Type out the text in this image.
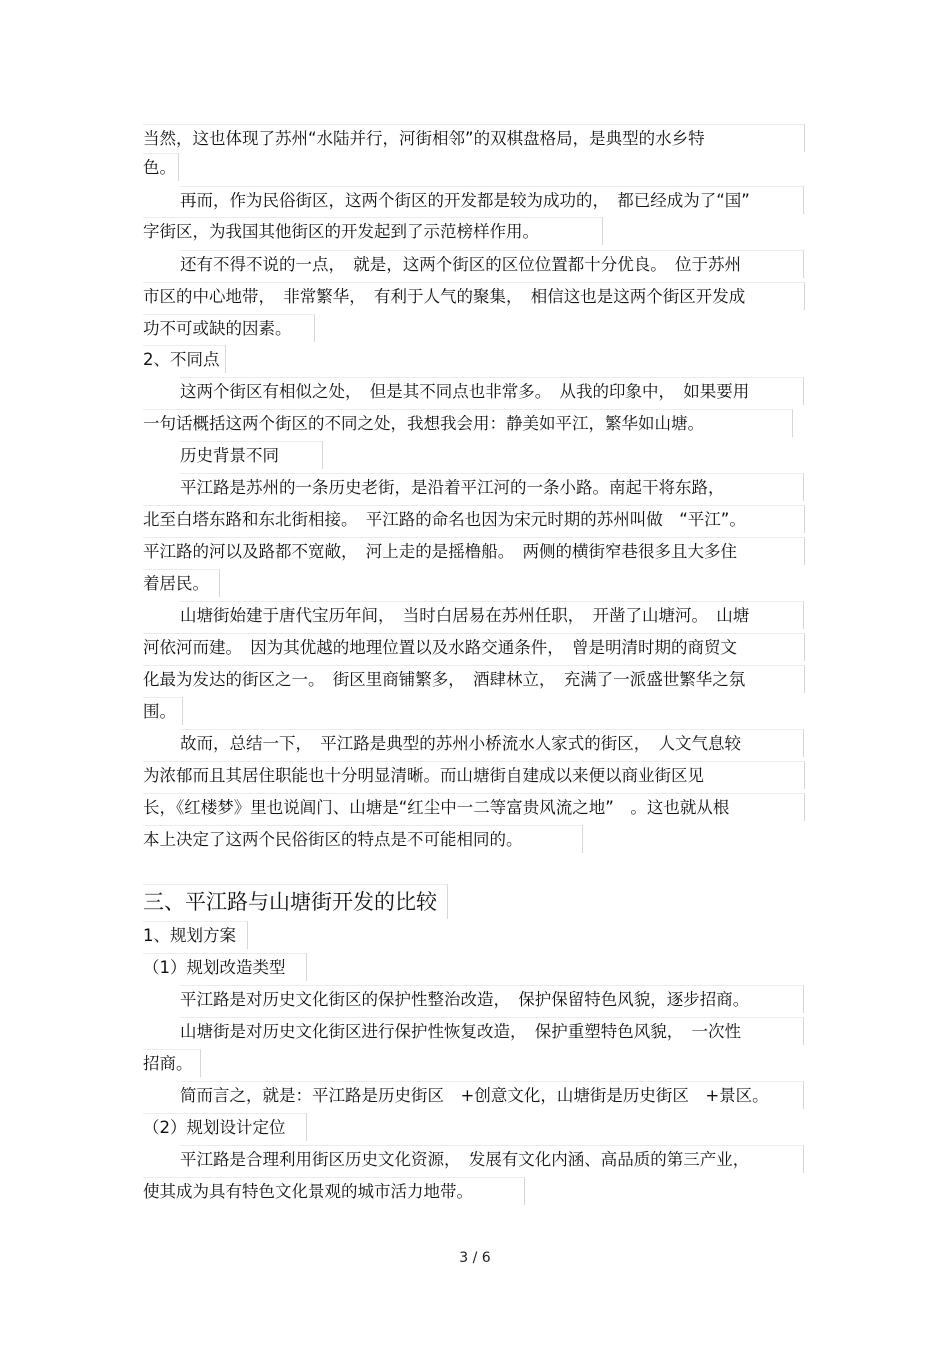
当然，这也体现了苏州“水陆并行，河街相邻”的双棋盘格局，是典型的水乡特
色。
再而，作为民俗街区，这两个街区的开发都是较为成功的，　都已经成为了“国”
字街区，为我国其他街区的开发起到了示范榜样作用。
还有不得不说的一点，　就是，这两个街区的区位位置都十分优良。　位于苏州
市区的中心地带，　非常繁华，　有利于人气的聚集，　相信这也是这两个街区开发成
功不可或缺的因素。
2、不同点
这两个街区有相似之处，　但是其不同点也非常多。　从我的印象中，　如果要用
一句话概括这两个街区的不同之处，我想我会用：静美如平江，繁华如山塘。
历史背景不同
平江路是苏州的一条历史老街，是沿着平江河的一条小路。南起干将东路，
北至白塔东路和东北街相接。　平江路的命名也因为宋元时期的苏州叫做　“平江”。
平江路的河以及路都不宽敞，　河上走的是摇橹船。　两侧的横街窄巷很多且大多住
着居民。
山塘街始建于唐代宝历年间，　当时白居易在苏州任职，　开凿了山塘河。　山塘
河依河而建。　因为其优越的地理位置以及水路交通条件，　曾是明清时期的商贸文
化最为发达的街区之一。　街区里商铺繁多，　酒肆林立，　充满了一派盛世繁华之氛
围。
故而，总结一下，　平江路是典型的苏州小桥流水人家式的街区，　人文气息较
为浓郁而且其居住职能也十分明显清晰。而山塘街自建成以来便以商业街区见
长，《红楼梦》里也说阊门、山塘是“红尘中一二等富贵风流之地”　。这也就从根
本上决定了这两个民俗街区的特点是不可能相同的。
三、平江路与山塘街开发的比较
1、规划方案
（1）规划改造类型
平江路是对历史文化街区的保护性整治改造，　保护保留特色风貌，逐步招商。
山塘街是对历史文化街区进行保护性恢复改造，　保护重塑特色风貌，　一次性
招商。
简而言之，就是：平江路是历史街区　+创意文化，山塘街是历史街区　+景区。
（2）规划设计定位
平江路是合理利用街区历史文化资源，　发展有文化内涵、高品质的第三产业，
使其成为具有特色文化景观的城市活力地带。
3 / 6
